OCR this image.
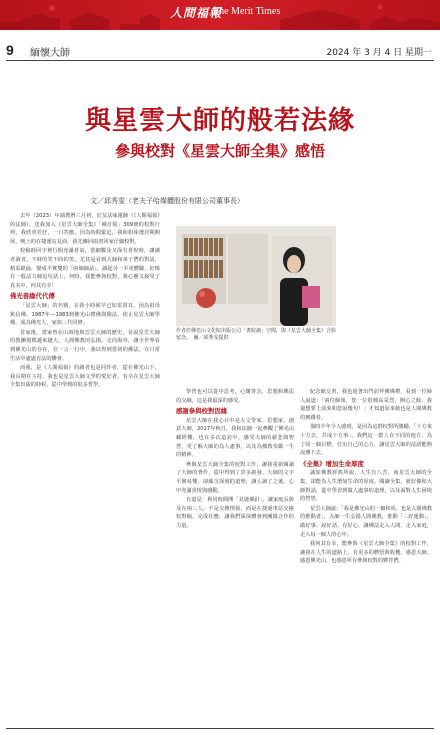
人間福報
The Merit Times
9 緬懷大師	2024 年 3 月 4 日 星期一
與星雲大師的般若法緣
參與校對《星雲大師全集》感悟
文／邱秀雯（老夫子哈媒體股份有限公司董事長）

去年（2023）年端農曆三月初，好友法味蓮師（《人間福報》的法師）。送我加入《星雲大師全集》「補訂版」309冊的校對行列，我欣喜若狂，一口答應，因為時間緊迫，我和姐妹選居期開展，晚上的在捷運站見面，我先練回兩書回家仔細校對。

校稿時回字裡行間充滿喜氣，當細數及又深有喜悅時，讓讀者讀者，不時的笑不時的笑，尤其是看到大師和弟子們的對話，精采絕倫，變成平實雙的「兩個師話」，讀起另一半更體驗，好像有一股法力師這句話上，何時，我能參與校對，我心靈又接受了真美中，何其有幸！

佛光善緣代代傳

「星雲大師」的名號，在我小時候早已如雷貫耳，因為祖母篤信佛。1987年—1983到佛光山禮佛與聞法，依止星雲大師學佛。成為佛光人，家族三代同修。

首家後，當家曾在山坡地與雲雲大師的歷史，並說星雲大師的教團規模越來越大，人間佛教的弘揚，走向海外，讓全世界看到佛光山的存在，在一言一行中，我以得到當初的佛法，在日常生活中處處有法的體會。

而我，是《人間福報》的讀者也是同作者，從在佛光山下，我長期在主持，我也是星雲大師文學的愛好者，有幸在星雲大師全集出版的時候，從中學到的很多哲學。

作者於佛光山文化院出版公司「書院讀」空間，與《星雲大師全集》合影留念。　圖／邱秀雯提供

學習也可以從中思考，心懷善念，思想和佛法的交融，這是我最深的感受。

感謝參與校對因緣

星雲大師在我心目中是大文學家、思想家、創意大師，2017年秋日，我和法師一起參觀了佛光山藏經樓，也在多次造訪中，感受大師的慈悲與智慧，更了解大師的為人處事，以及為佛教奉獻一生的精神。

參與星雲大師全集的校對工作，讓我重新閱讀了大師的著作，從中得到了許多啟發。大師的文字平實易懂，卻蘊含深刻的道理，讓人讀了之後，心中充滿喜悅與感動。

有道是：利用時間開「見縫插針」，讓家庭長與及在兩三人，不是交換情報，而是在捷運車站交換校對稿，完成任務，讓我們深深體會到團隊合作的力量。

紀念館交書，我也趁著出門前拜佛佛禮，看到一位婦人說道：「兩位師姐，您一位很興高采烈，開心之餘，我還想要上前來和您說幾句！」才知道原來她也是人間佛教的實踐者。

那時半年令人感到，是因為這群校對所激勵，「十方來十方去，共成十方事」，我們這一群人在不同的地方，為了同一個目標，付出自己的心力，讓星雲大師的法語能夠流傳下去。

《全集》增加生命厚度

誠如佛教經典所說，人生有八苦，而星雲大師的全集，卻能為人生增加生命的厚度。閱讀全集，就好像和大師對話，從中學習到做人處事的道理，以及面對人生困境的智慧。

星雲大師說：「我是佛光山的一個和尚，也是人間佛教的推動者」，大師一生弘揚人間佛教，推動「三好運動」，做好事、說好話、存好心，讓佛法走入人間，走入家庭，走入每一個人的心中。

我何其有幸，能參與《星雲大師全集》的校對工作，讓我在人生的道路上，有更多的體悟與收穫。感恩大師，感恩佛光山，也感恩所有參與校對的夥伴們。
